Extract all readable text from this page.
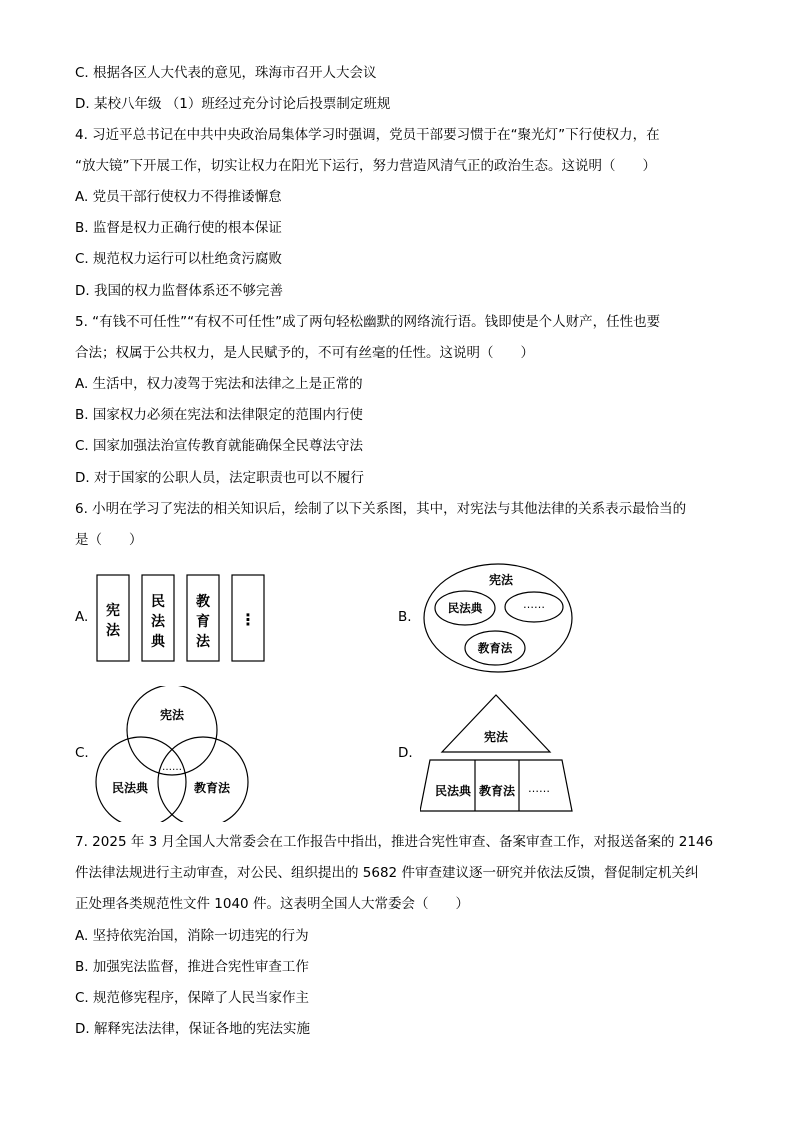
C. 根据各区人大代表的意见，珠海市召开人大会议
D. 某校八年级 （1）班经过充分讨论后投票制定班规
4. 习近平总书记在中共中央政治局集体学习时强调，党员干部要习惯于在“聚光灯”下行使权力，在
“放大镜”下开展工作，切实让权力在阳光下运行，努力营造风清气正的政治生态。这说明（　　）
A. 党员干部行使权力不得推诿懈怠
B. 监督是权力正确行使的根本保证
C. 规范权力运行可以杜绝贪污腐败
D. 我国的权力监督体系还不够完善
5. “有钱不可任性”“有权不可任性”成了两句轻松幽默的网络流行语。钱即使是个人财产，任性也要
合法；权属于公共权力，是人民赋予的，不可有丝毫的任性。这说明（　　）
A. 生活中，权力凌驾于宪法和法律之上是正常的
B. 国家权力必须在宪法和法律限定的范围内行使
C. 国家加强法治宣传教育就能确保全民尊法守法
D. 对于国家的公职人员，法定职责也可以不履行
6. 小明在学习了宪法的相关知识后，绘制了以下关系图，其中，对宪法与其他法律的关系表示最恰当的
是（　　）
A. 宪
法
民
法
典
教
育
法
⋮	B.
宪法
民法典	……
教育法
C.
宪法
民法典	教育法
……
D.
宪法
民法典 教育法 ……
7. 2025 年 3 月全国人大常委会在工作报告中指出，推进合宪性审查、备案审查工作，对报送备案的 2146
件法律法规进行主动审查，对公民、组织提出的 5682 件审查建议逐一研究并依法反馈，督促制定机关纠
正处理各类规范性文件 1040 件。这表明全国人大常委会（　　）
A. 坚持依宪治国，消除一切违宪的行为
B. 加强宪法监督，推进合宪性审查工作
C. 规范修宪程序，保障了人民当家作主
D. 解释宪法法律，保证各地的宪法实施
